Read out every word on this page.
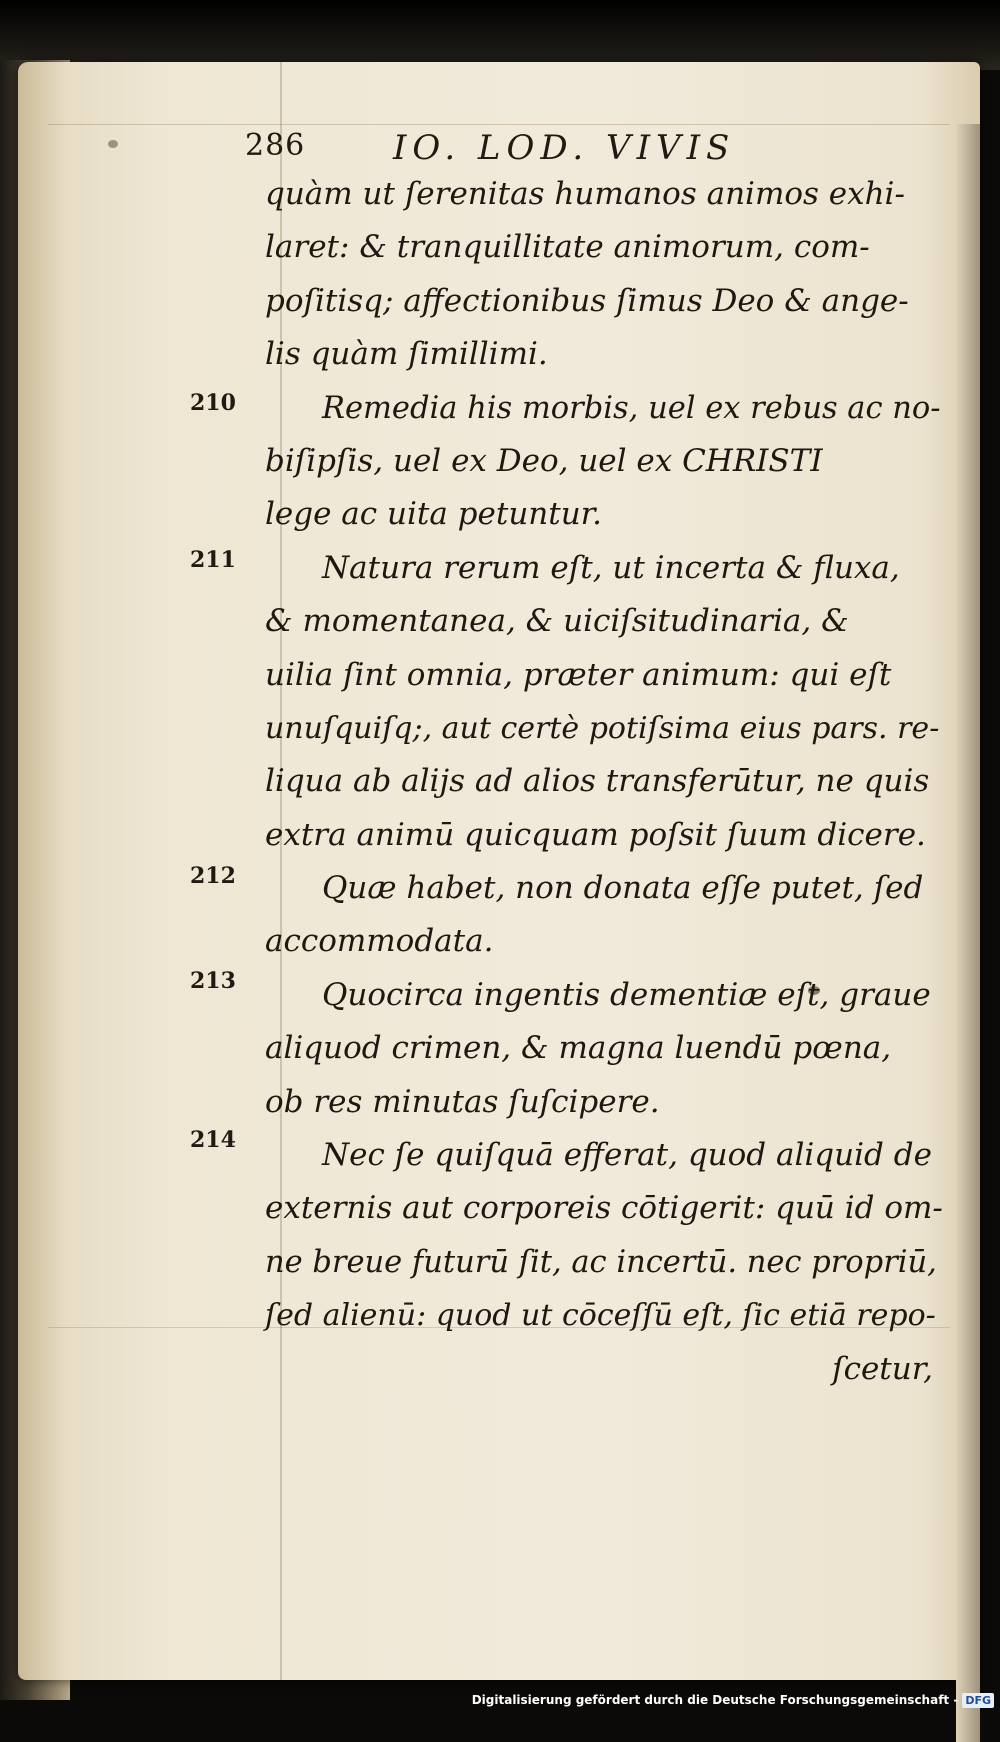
286	IO. LOD. VIVIS
210
211
212
213
214
quàm ut ſerenitas humanos animos exhi-
laret: & tranquillitate animorum, com-
poſitisq; affectionibus ſimus Deo & ange-
lis quàm ſimillimi.
Remedia his morbis, uel ex rebus ac no-
biſipſis, uel ex Deo, uel ex CHRISTI
lege ac uita petuntur.
Natura rerum eſt, ut incerta & fluxa,
& momentanea, & uiciſsitudinaria, &
uilia ſint omnia, præter animum: qui eſt
unuſquiſq;, aut certè potiſsima eius pars. re-
liqua ab alijs ad alios transferūtur, ne quis
extra animū quicquam poſsit ſuum dicere.
Quæ habet, non donata eſſe putet, ſed
accommodata.
Quocirca ingentis dementiæ eſt, graue
aliquod crimen, & magna luendū pœna,
ob res minutas ſuſcipere.
Nec ſe quiſquā efferat, quod aliquid de
externis aut corporeis cōtigerit: quū id om-
ne breue futurū ſit, ac incertū. nec propriū,
ſed alienū: quod ut cōceſſū eſt, ſic etiā repo-
ſcetur,
Digitalisierung gefördert durch die Deutsche Forschungsgemeinschaft - DFG
